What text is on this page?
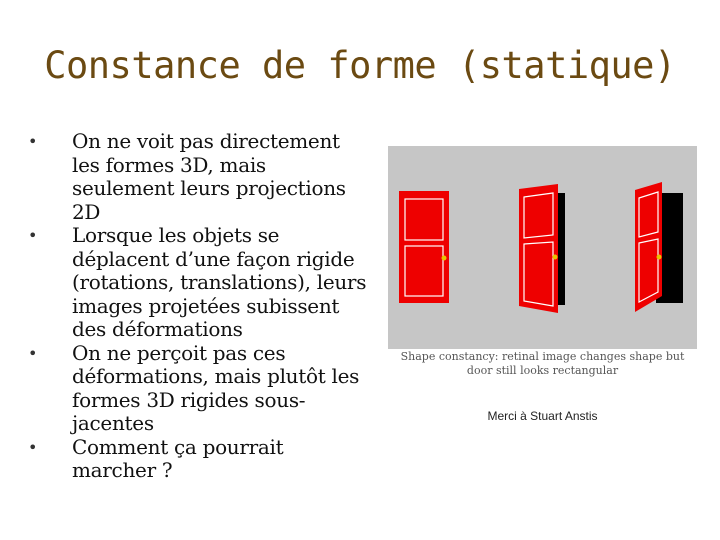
Constance de forme (statique)
• On ne voit pas directement les formes 3D, mais seulement leurs projections 2D
• Lorsque les objets se déplacent d’une façon rigide (rotations, translations), leurs images projetées subissent des déformations
• On ne perçoit pas ces déformations, mais plutôt les formes 3D rigides sous-jacentes
• Comment ça pourrait marcher ?
Shape constancy: retinal image changes shape but
door still looks rectangular
Merci à Stuart Anstis
